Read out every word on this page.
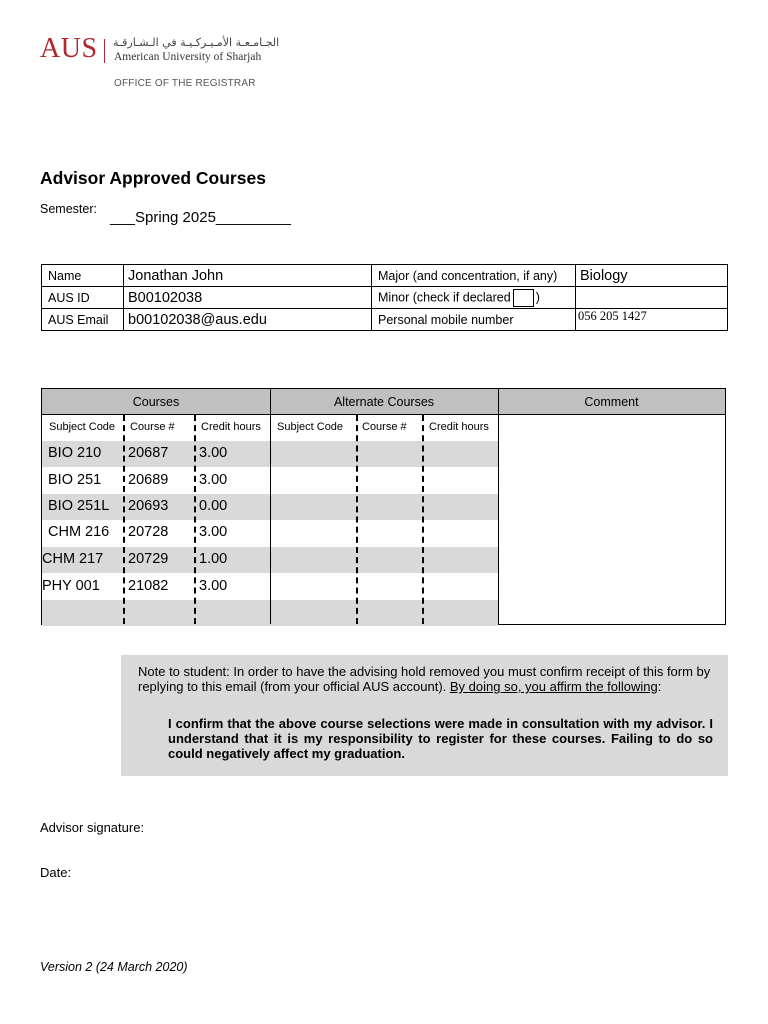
AUS الجـامـعـة الأمـيـركـيـة في الـشـارقـة
American University of Sharjah
OFFICE OF THE REGISTRAR
Advisor Approved Courses
Semester: ___Spring 2025_________
Name	Jonathan John	Major (and concentration, if any)	Biology
AUS ID	B00102038	Minor (check if declared )	
AUS Email	b00102038@aus.edu	Personal mobile number	056 205 1427
Courses	Alternate Courses	Comment
Subject Code Course # Credit hours Subject Code Course # Credit hours
BIO 210 20687 3.00
BIO 251 20689 3.00
BIO 251L 20693 0.00
CHM 216 20728 3.00
CHM 217 20729 1.00
PHY 001 21082 3.00
Note to student: In order to have the advising hold removed you must confirm receipt of this form by replying to this email (from your official AUS account). By doing so, you affirm the following:
I confirm that the above course selections were made in consultation with my advisor. I understand that it is my responsibility to register for these courses. Failing to do so could negatively affect my graduation.
Advisor signature:
Date:
Version 2 (24 March 2020)
